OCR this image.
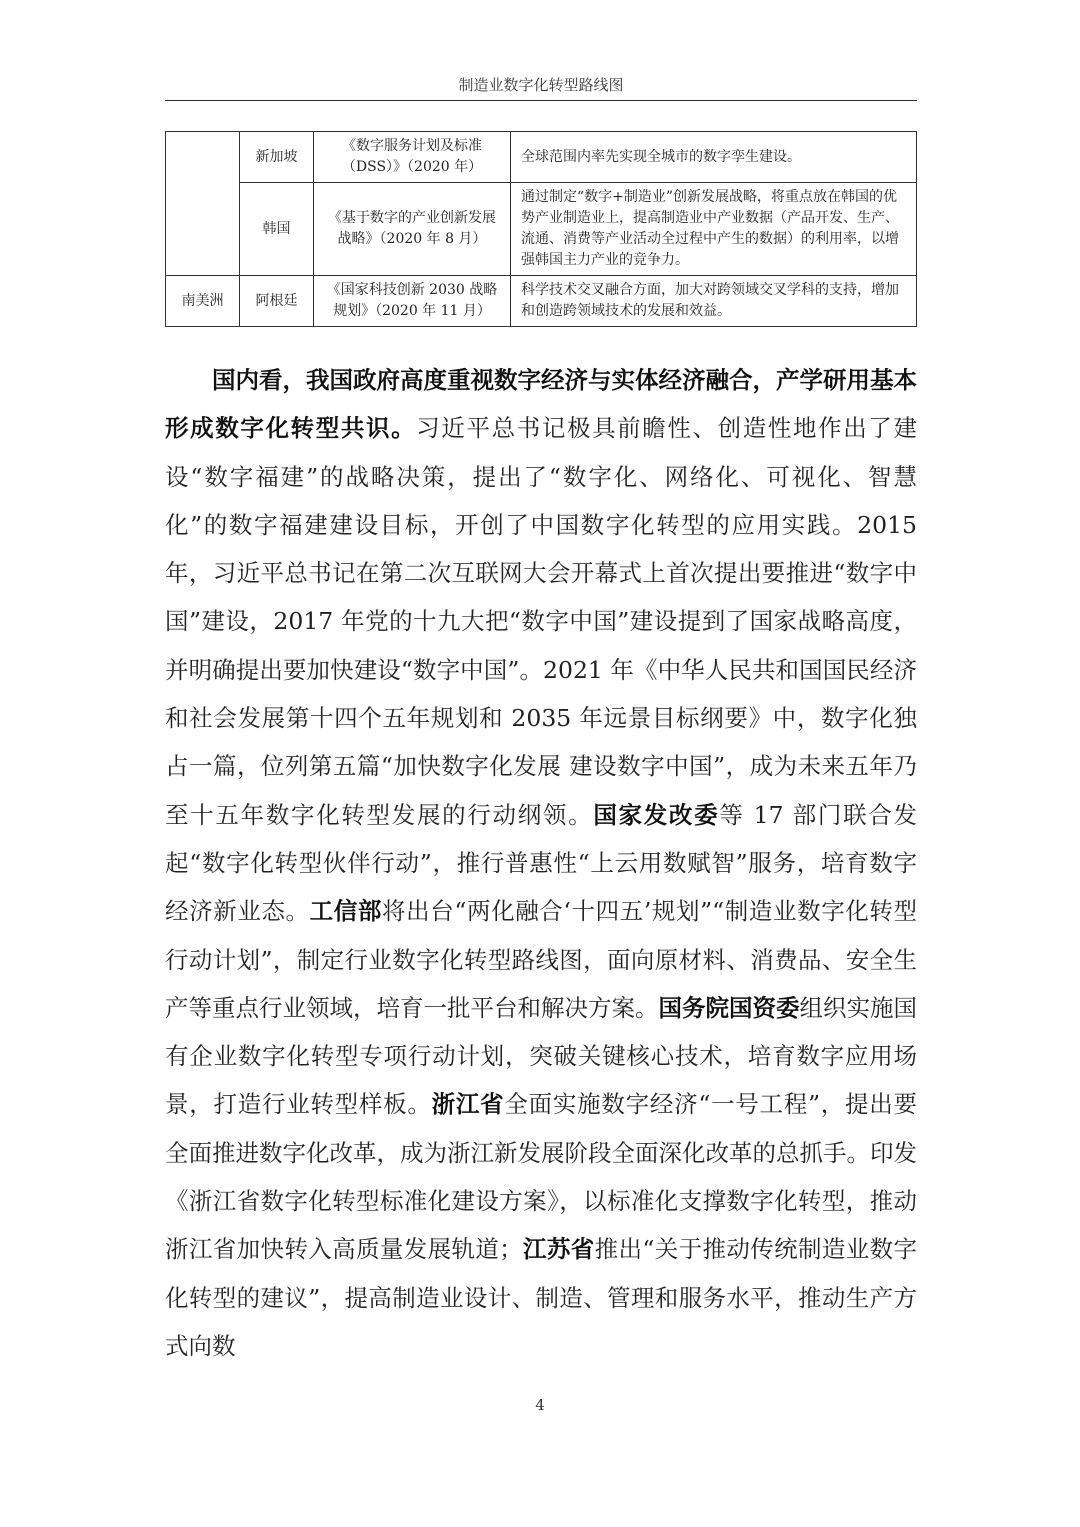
制造业数字化转型路线图
	新加坡	《数字服务计划及标准（DSS）》（2020 年）	全球范围内率先实现全城市的数字孪生建设。
	韩国	《基于数字的产业创新发展战略》（2020 年 8 月）	通过制定“数字+制造业”创新发展战略，将重点放在韩国的优势产业制造业上，提高制造业中产业数据（产品开发、生产、流通、消费等产业活动全过程中产生的数据）的利用率，以增强韩国主力产业的竞争力。
南美洲	阿根廷	《国家科技创新 2030 战略规划》（2020 年 11 月）	科学技术交叉融合方面，加大对跨领域交叉学科的支持，增加和创造跨领域技术的发展和效益。

国内看，我国政府高度重视数字经济与实体经济融合，产学研用基本形成数字化转型共识。习近平总书记极具前瞻性、创造性地作出了建设“数字福建”的战略决策，提出了“数字化、网络化、可视化、智慧化”的数字福建建设目标，开创了中国数字化转型的应用实践。2015 年，习近平总书记在第二次互联网大会开幕式上首次提出要推进“数字中国”建设，2017 年党的十九大把“数字中国”建设提到了国家战略高度，并明确提出要加快建设“数字中国”。2021 年《中华人民共和国国民经济和社会发展第十四个五年规划和 2035 年远景目标纲要》中，数字化独占一篇，位列第五篇“加快数字化发展 建设数字中国”，成为未来五年乃至十五年数字化转型发展的行动纲领。国家发改委等 17 部门联合发起“数字化转型伙伴行动”，推行普惠性“上云用数赋智”服务，培育数字经济新业态。工信部将出台“两化融合‘十四五’规划”“制造业数字化转型行动计划”，制定行业数字化转型路线图，面向原材料、消费品、安全生产等重点行业领域，培育一批平台和解决方案。国务院国资委组织实施国有企业数字化转型专项行动计划，突破关键核心技术，培育数字应用场景，打造行业转型样板。浙江省全面实施数字经济“一号工程”，提出要全面推进数字化改革，成为浙江新发展阶段全面深化改革的总抓手。印发《浙江省数字化转型标准化建设方案》，以标准化支撑数字化转型，推动浙江省加快转入高质量发展轨道；江苏省推出“关于推动传统制造业数字化转型的建议”，提高制造业设计、制造、管理和服务水平，推动生产方式向数

4
